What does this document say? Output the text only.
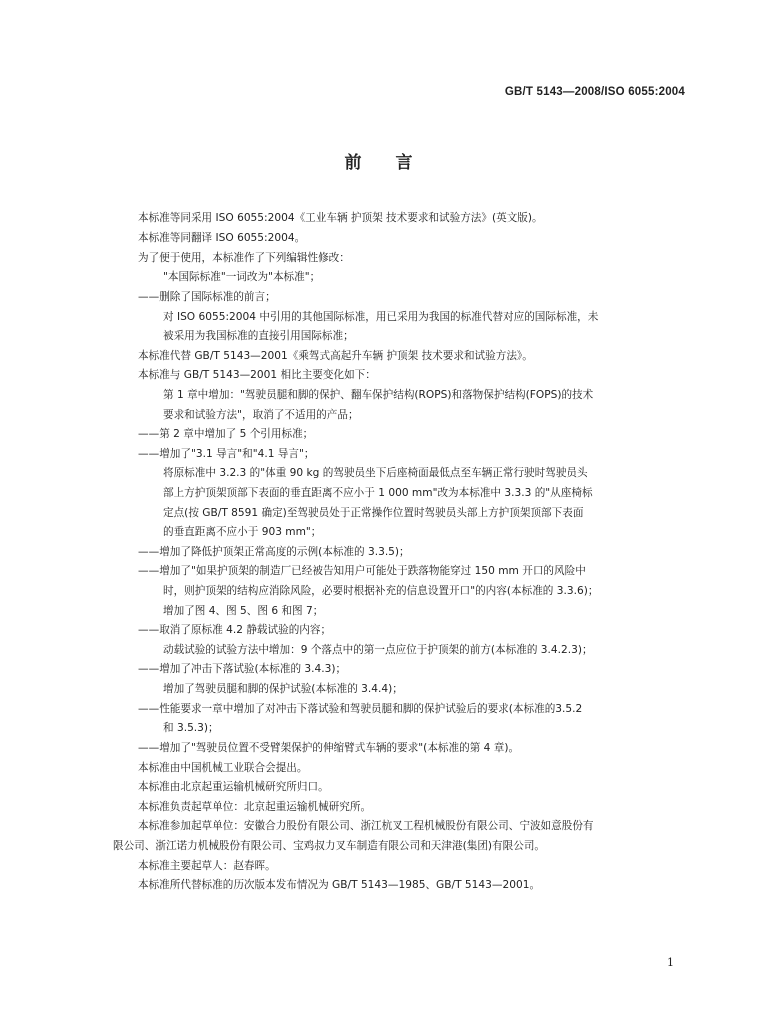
GB/T 5143—2008/ISO 6055:2004
前言
本标准等同采用 ISO 6055:2004《工业车辆 护顶架 技术要求和试验方法》(英文版)。
本标准等同翻译 ISO 6055:2004。
为了便于使用，本标准作了下列编辑性修改：
"本国际标准"一词改为"本标准"；
——删除了国际标准的前言；
对 ISO 6055:2004 中引用的其他国际标准，用已采用为我国的标准代替对应的国际标准，未
被采用为我国标准的直接引用国际标准；
本标准代替 GB/T 5143—2001《乘驾式高起升车辆 护顶架 技术要求和试验方法》。
本标准与 GB/T 5143—2001 相比主要变化如下：
第 1 章中增加："驾驶员腿和脚的保护、翻车保护结构(ROPS)和落物保护结构(FOPS)的技术
要求和试验方法"，取消了不适用的产品；
——第 2 章中增加了 5 个引用标准；
——增加了"3.1 导言"和"4.1 导言"；
将原标准中 3.2.3 的"体重 90 kg 的驾驶员坐下后座椅面最低点至车辆正常行驶时驾驶员头
部上方护顶架顶部下表面的垂直距离不应小于 1 000 mm"改为本标准中 3.3.3 的"从座椅标
定点(按 GB/T 8591 确定)至驾驶员处于正常操作位置时驾驶员头部上方护顶架顶部下表面
的垂直距离不应小于 903 mm"；
——增加了降低护顶架正常高度的示例(本标准的 3.3.5)；
——增加了"如果护顶架的制造厂已经被告知用户可能处于跌落物能穿过 150 mm 开口的风险中
时，则护顶架的结构应消除风险，必要时根据补充的信息设置开口"的内容(本标准的 3.3.6)；
增加了图 4、图 5、图 6 和图 7；
——取消了原标准 4.2 静载试验的内容；
动载试验的试验方法中增加：9 个落点中的第一点应位于护顶架的前方(本标准的 3.4.2.3)；
——增加了冲击下落试验(本标准的 3.4.3)；
增加了驾驶员腿和脚的保护试验(本标准的 3.4.4)；
——性能要求一章中增加了对冲击下落试验和驾驶员腿和脚的保护试验后的要求(本标准的3.5.2
和 3.5.3)；
——增加了"驾驶员位置不受臂架保护的伸缩臂式车辆的要求"(本标准的第 4 章)。
本标准由中国机械工业联合会提出。
本标准由北京起重运输机械研究所归口。
本标准负责起草单位：北京起重运输机械研究所。
本标准参加起草单位：安徽合力股份有限公司、浙江杭叉工程机械股份有限公司、宁波如意股份有
限公司、浙江诺力机械股份有限公司、宝鸡叔力叉车制造有限公司和天津港(集团)有限公司。
本标准主要起草人：赵春晖。
本标准所代替标准的历次版本发布情况为 GB/T 5143—1985、GB/T 5143—2001。
1
